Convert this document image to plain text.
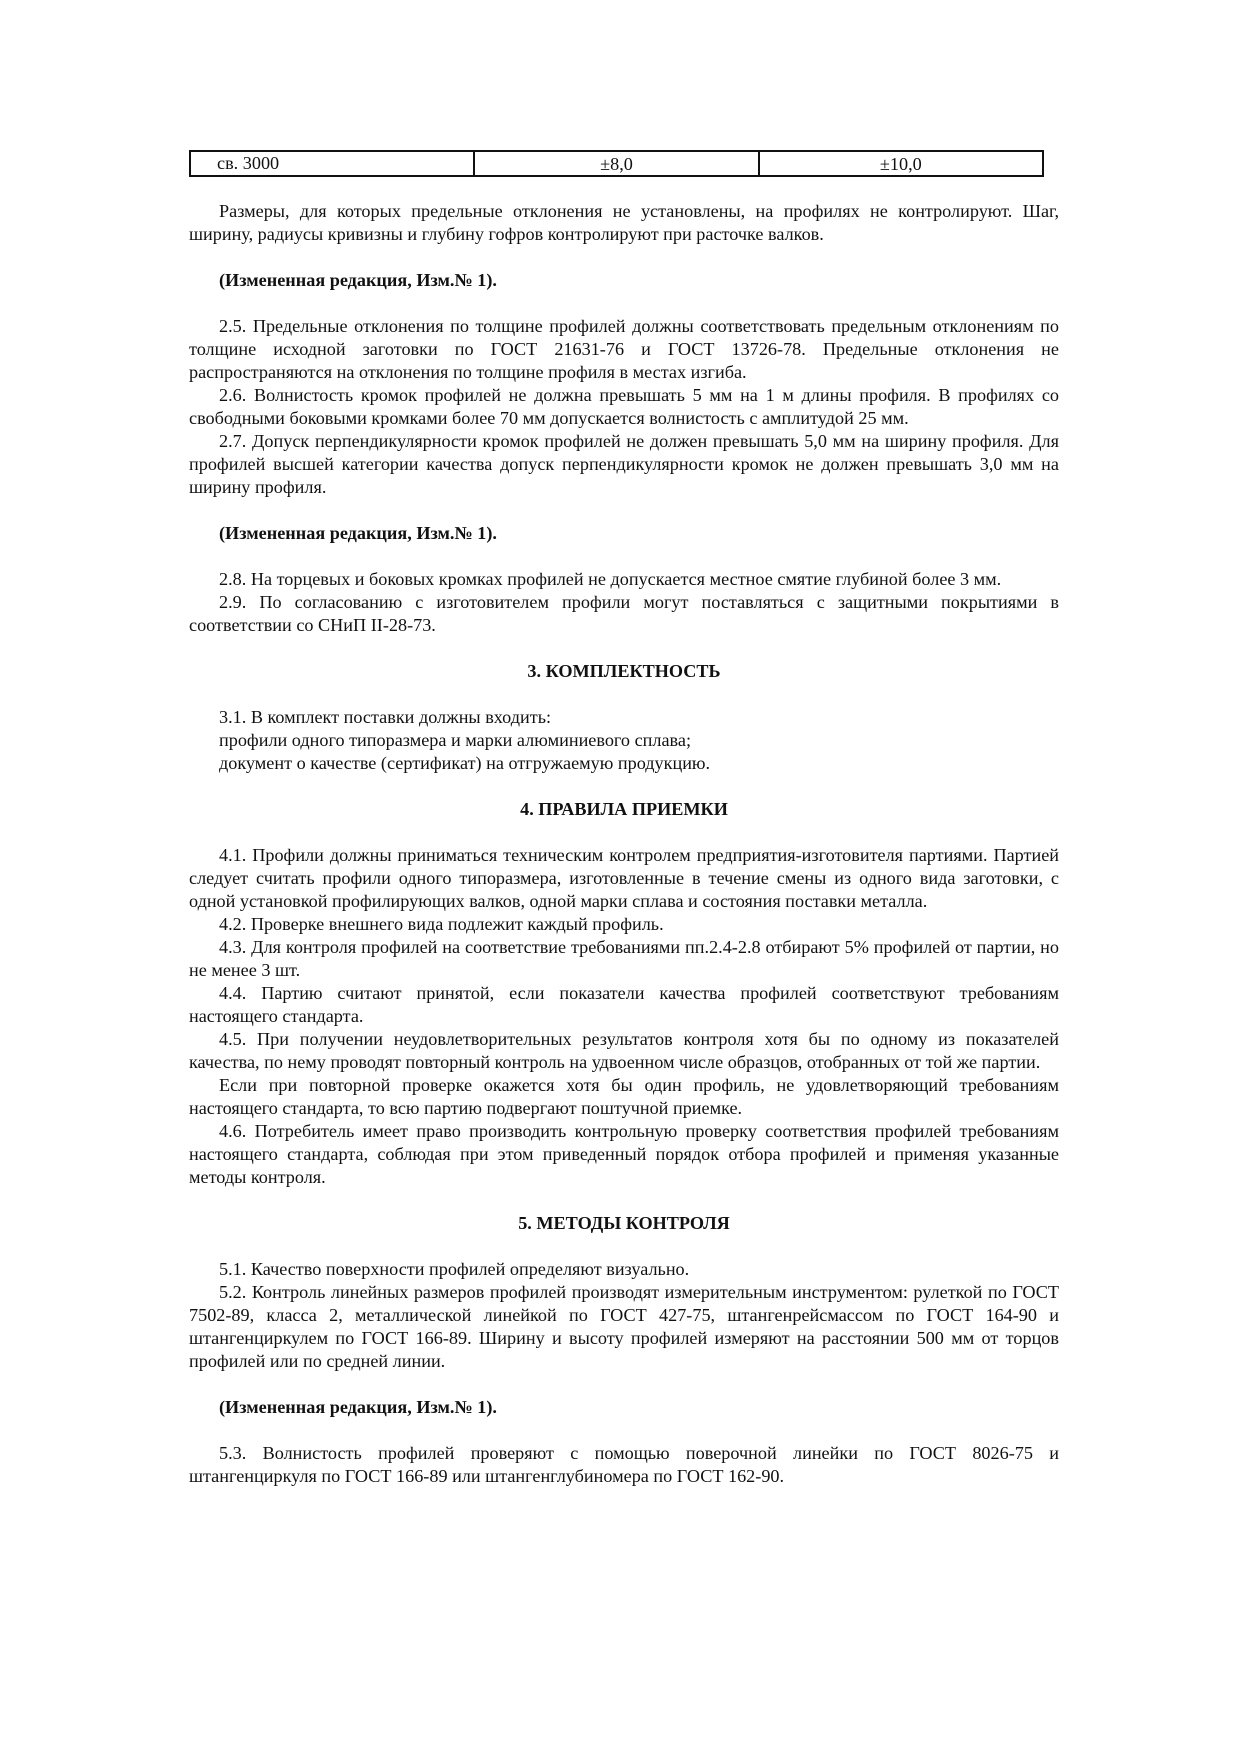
св. 3000	±8,0	±10,0

Размеры, для которых предельные отклонения не установлены, на профилях не контролируют. Шаг, ширину, радиусы кривизны и глубину гофров контролируют при расточке валков.

(Измененная редакция, Изм.№ 1).

2.5. Предельные отклонения по толщине профилей должны соответствовать предельным отклонениям по толщине исходной заготовки по ГОСТ 21631-76 и ГОСТ 13726-78. Предельные отклонения не распространяются на отклонения по толщине профиля в местах изгиба.

2.6. Волнистость кромок профилей не должна превышать 5 мм на 1 м длины профиля. В профилях со свободными боковыми кромками более 70 мм допускается волнистость с амплитудой 25 мм.

2.7. Допуск перпендикулярности кромок профилей не должен превышать 5,0 мм на ширину профиля. Для профилей высшей категории качества допуск перпендикулярности кромок не должен превышать 3,0 мм на ширину профиля.

(Измененная редакция, Изм.№ 1).

2.8. На торцевых и боковых кромках профилей не допускается местное смятие глубиной более 3 мм.

2.9. По согласованию с изготовителем профили могут поставляться с защитными покрытиями в соответствии со СНиП II-28-73.

3. КОМПЛЕКТНОСТЬ

3.1. В комплект поставки должны входить:

профили одного типоразмера и марки алюминиевого сплава;

документ о качестве (сертификат) на отгружаемую продукцию.

4. ПРАВИЛА ПРИЕМКИ

4.1. Профили должны приниматься техническим контролем предприятия-изготовителя партиями. Партией следует считать профили одного типоразмера, изготовленные в течение смены из одного вида заготовки, с одной установкой профилирующих валков, одной марки сплава и состояния поставки металла.

4.2. Проверке внешнего вида подлежит каждый профиль.

4.3. Для контроля профилей на соответствие требованиями пп.2.4-2.8 отбирают 5% профилей от партии, но не менее 3 шт.

4.4. Партию считают принятой, если показатели качества профилей соответствуют требованиям настоящего стандарта.

4.5. При получении неудовлетворительных результатов контроля хотя бы по одному из показателей качества, по нему проводят повторный контроль на удвоенном числе образцов, отобранных от той же партии.

Если при повторной проверке окажется хотя бы один профиль, не удовлетворяющий требованиям настоящего стандарта, то всю партию подвергают поштучной приемке.

4.6. Потребитель имеет право производить контрольную проверку соответствия профилей требованиям настоящего стандарта, соблюдая при этом приведенный порядок отбора профилей и применяя указанные методы контроля.

5. МЕТОДЫ КОНТРОЛЯ

5.1. Качество поверхности профилей определяют визуально.

5.2. Контроль линейных размеров профилей производят измерительным инструментом: рулеткой по ГОСТ 7502-89, класса 2, металлической линейкой по ГОСТ 427-75, штангенрейсмассом по ГОСТ 164-90 и штангенциркулем по ГОСТ 166-89. Ширину и высоту профилей измеряют на расстоянии 500 мм от торцов профилей или по средней линии.

(Измененная редакция, Изм.№ 1).

5.3. Волнистость профилей проверяют с помощью поверочной линейки по ГОСТ 8026-75 и штангенциркуля по ГОСТ 166-89 или штангенглубиномера по ГОСТ 162-90.
